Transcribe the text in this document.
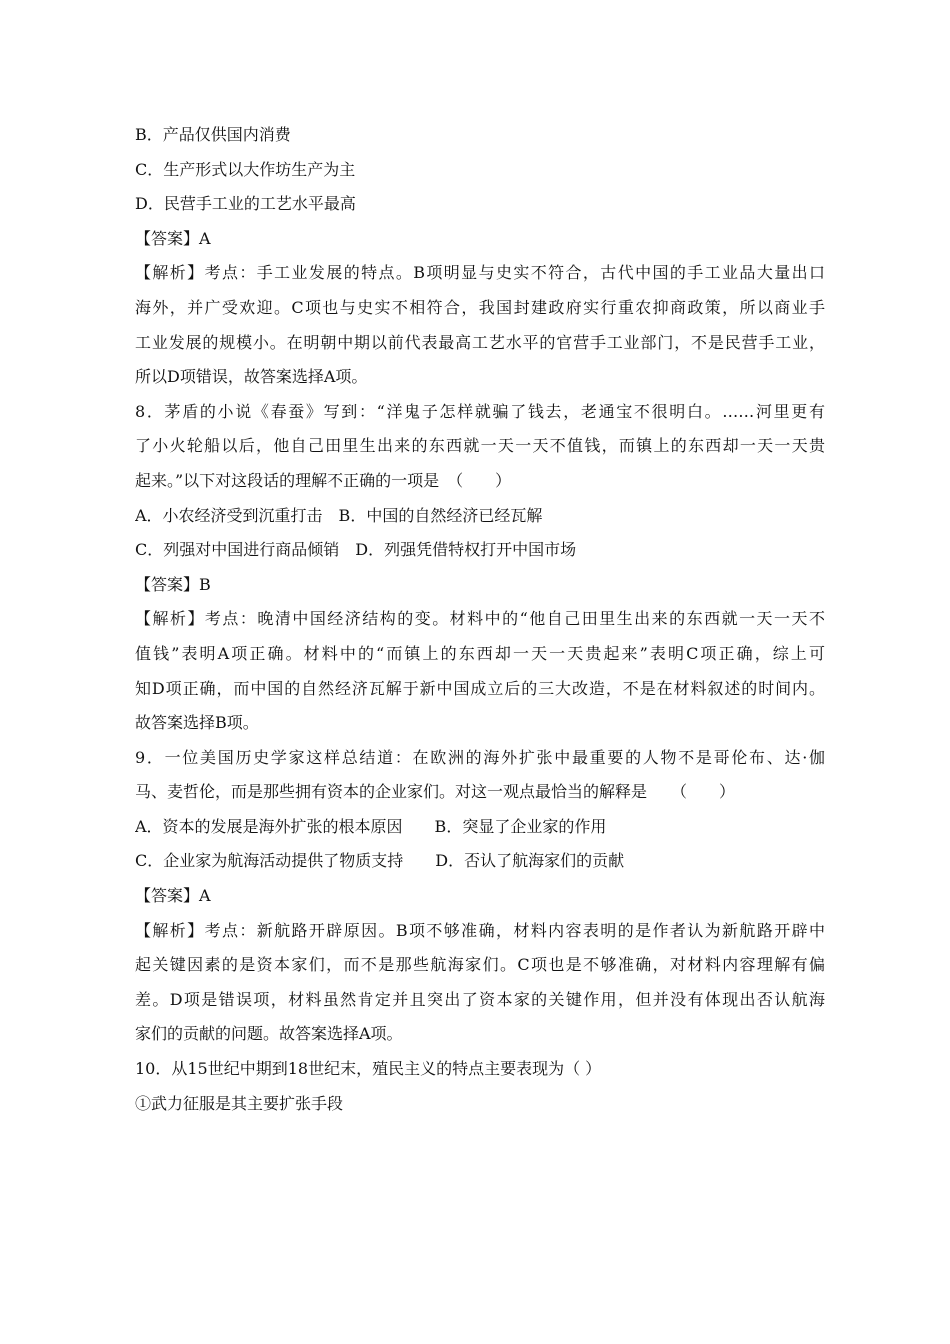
B．产品仅供国内消费
C．生产形式以大作坊生产为主
D．民营手工业的工艺水平最高
【答案】A
【解析】考点：手工业发展的特点。B项明显与史实不符合，古代中国的手工业品大量出口
海外，并广受欢迎。C项也与史实不相符合，我国封建政府实行重农抑商政策，所以商业手
工业发展的规模小。在明朝中期以前代表最高工艺水平的官营手工业部门，不是民营手工业，
所以D项错误，故答案选择A项。
8．茅盾的小说《春蚕》写到：“洋鬼子怎样就骗了钱去，老通宝不很明白。……河里更有
了小火轮船以后，他自己田里生出来的东西就一天一天不值钱，而镇上的东西却一天一天贵
起来。”以下对这段话的理解不正确的一项是　（　　）
A．小农经济受到沉重打击　B．中国的自然经济已经瓦解
C．列强对中国进行商品倾销　D．列强凭借特权打开中国市场
【答案】B
【解析】考点：晚清中国经济结构的变。材料中的“他自己田里生出来的东西就一天一天不
值钱”表明A项正确。材料中的“而镇上的东西却一天一天贵起来”表明C项正确，综上可
知D项正确，而中国的自然经济瓦解于新中国成立后的三大改造，不是在材料叙述的时间内。
故答案选择B项。
9．一位美国历史学家这样总结道：在欧洲的海外扩张中最重要的人物不是哥伦布、达·伽
马、麦哲伦，而是那些拥有资本的企业家们。对这一观点最恰当的解释是　　（　　）
A．资本的发展是海外扩张的根本原因　　B．突显了企业家的作用
C．企业家为航海活动提供了物质支持　　D．否认了航海家们的贡献
【答案】A
【解析】考点：新航路开辟原因。B项不够准确，材料内容表明的是作者认为新航路开辟中
起关键因素的是资本家们，而不是那些航海家们。C项也是不够准确，对材料内容理解有偏
差。D项是错误项，材料虽然肯定并且突出了资本家的关键作用，但并没有体现出否认航海
家们的贡献的问题。故答案选择A项。
10．从15世纪中期到18世纪末，殖民主义的特点主要表现为（ ）
①武力征服是其主要扩张手段
